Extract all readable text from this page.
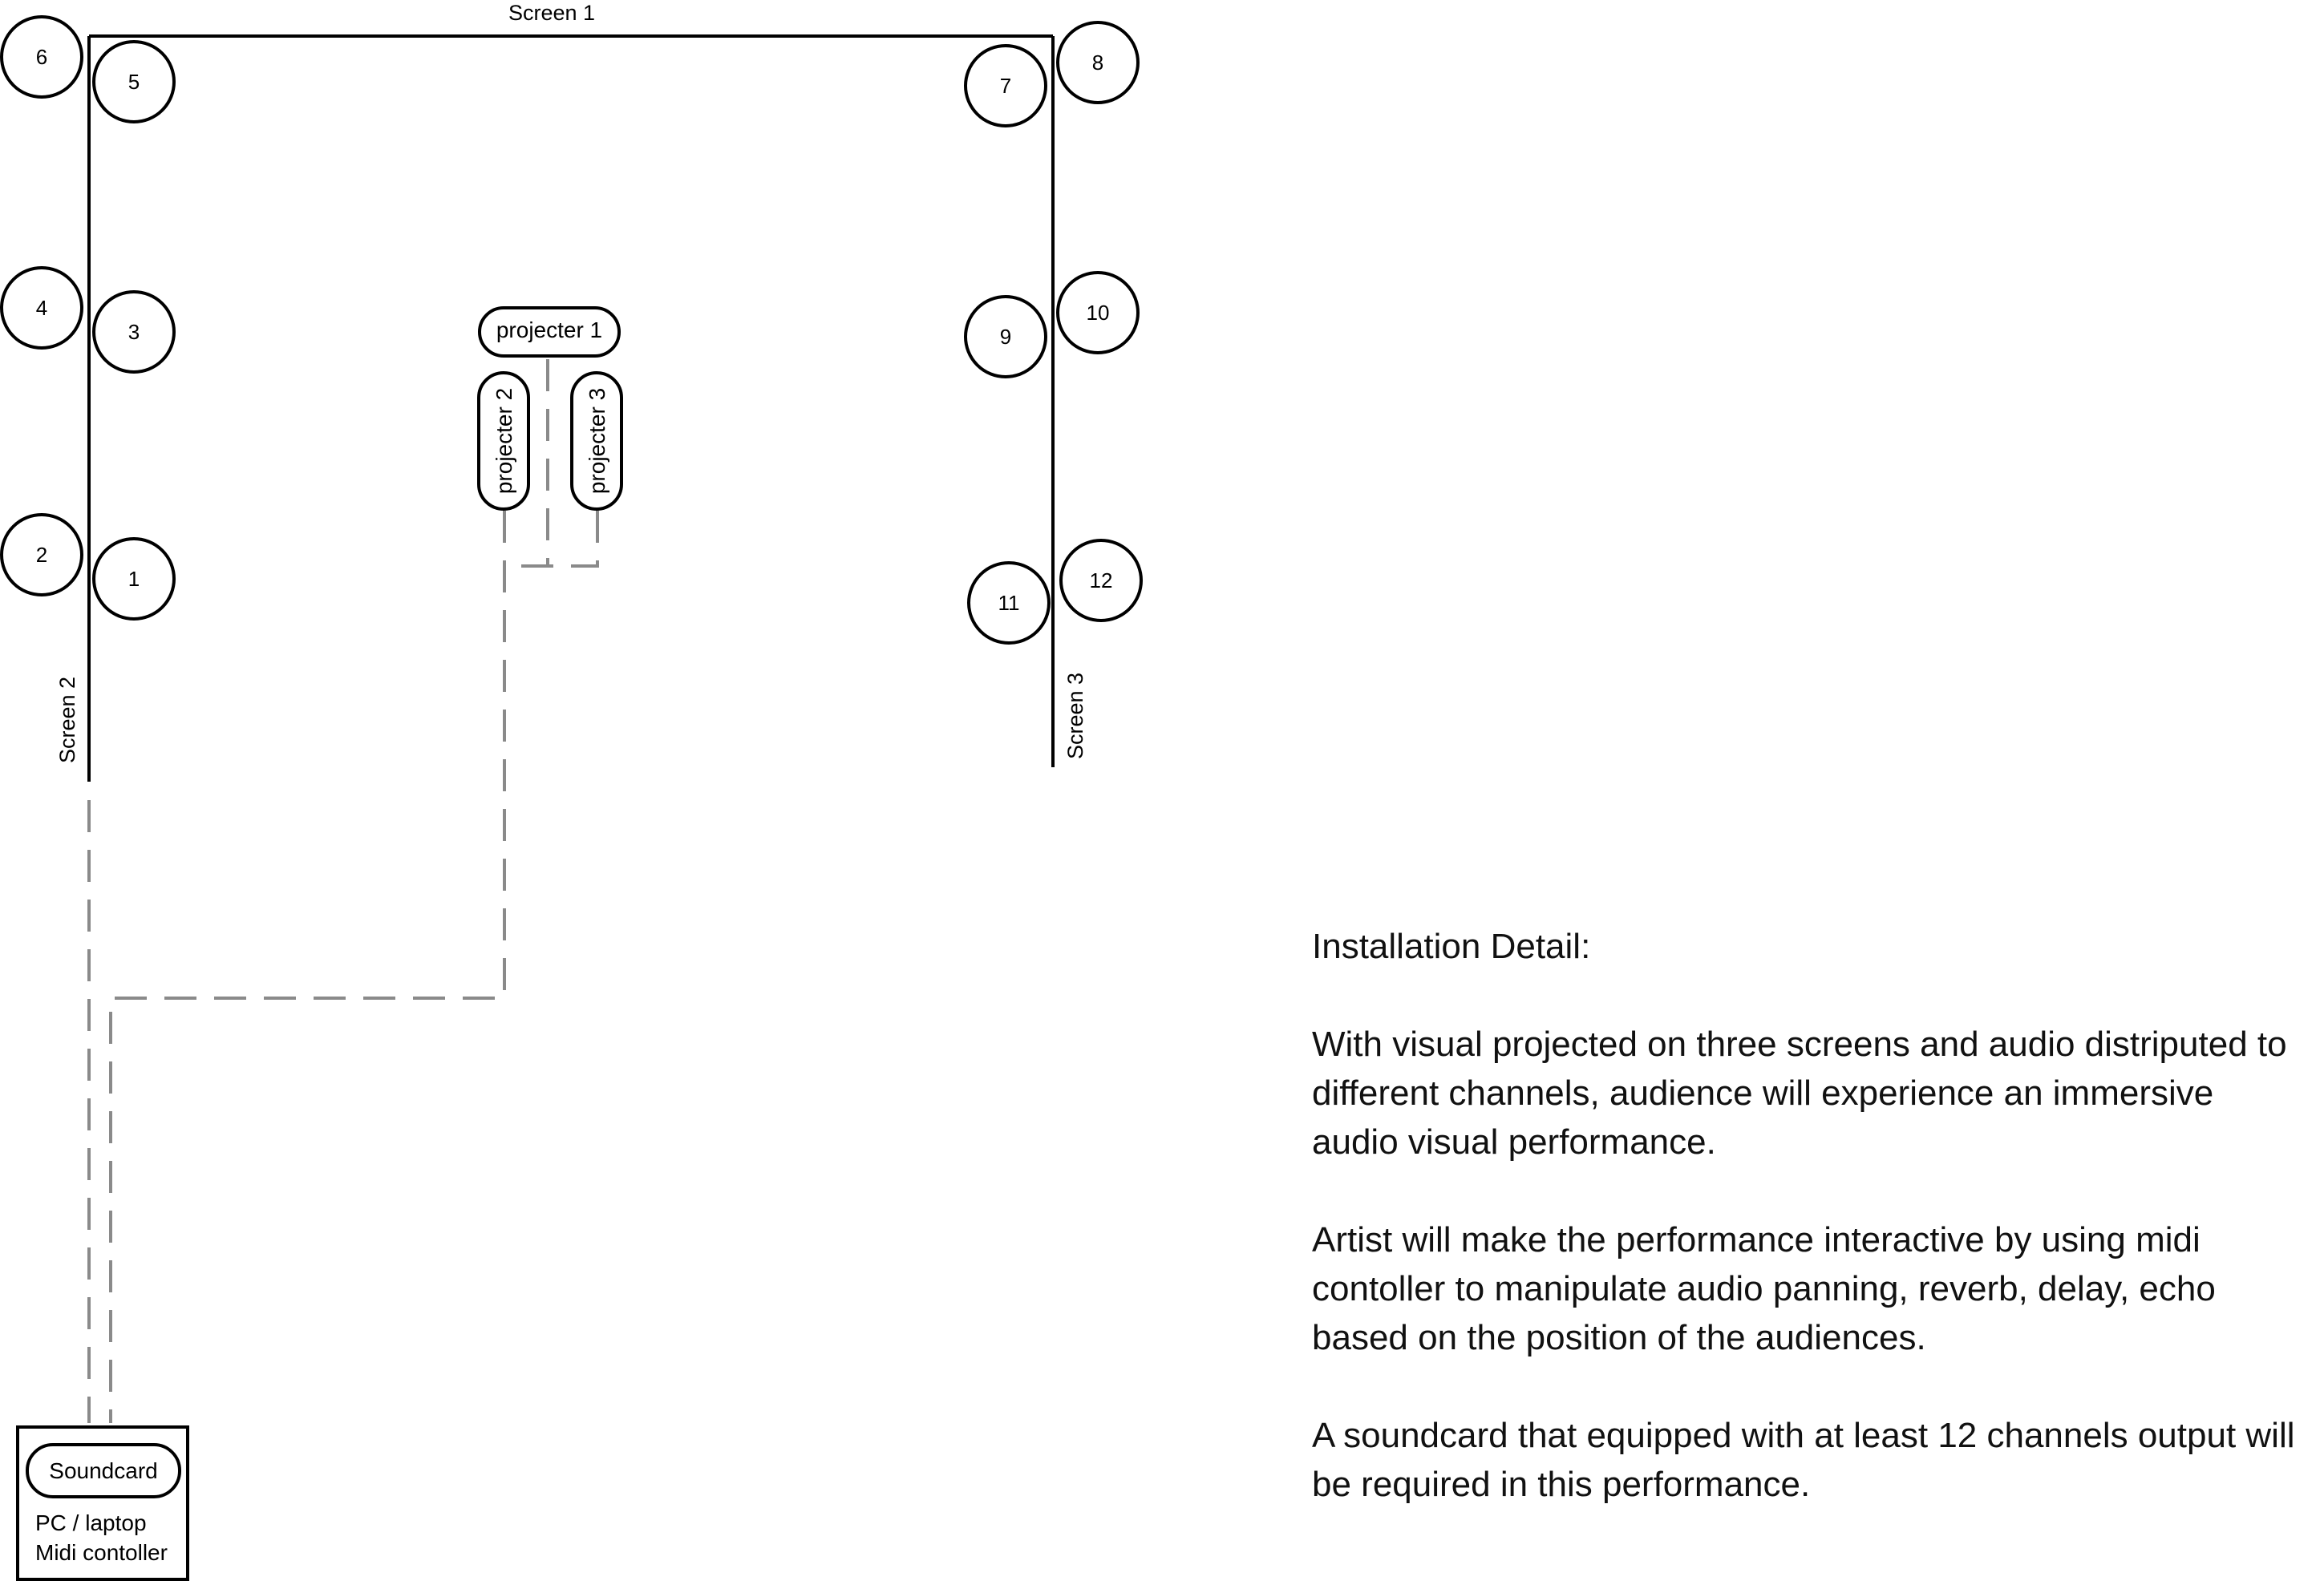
Screen 1
Screen 2	Screen 3
1
2
3
4
5
6
7
8
9
10
11
12
projecter 1
projecter 2	projecter 3
Soundcard
PC / laptop
Midi contoller

Installation Detail:

With visual projected on three screens and audio distriputed to different channels, audience will experience an immersive audio visual performance.

Artist will make the performance interactive by using midi contoller to manipulate audio panning, reverb, delay, echo based on the position of the audiences.

A soundcard that equipped with at least 12 channels output will be required in this performance.
